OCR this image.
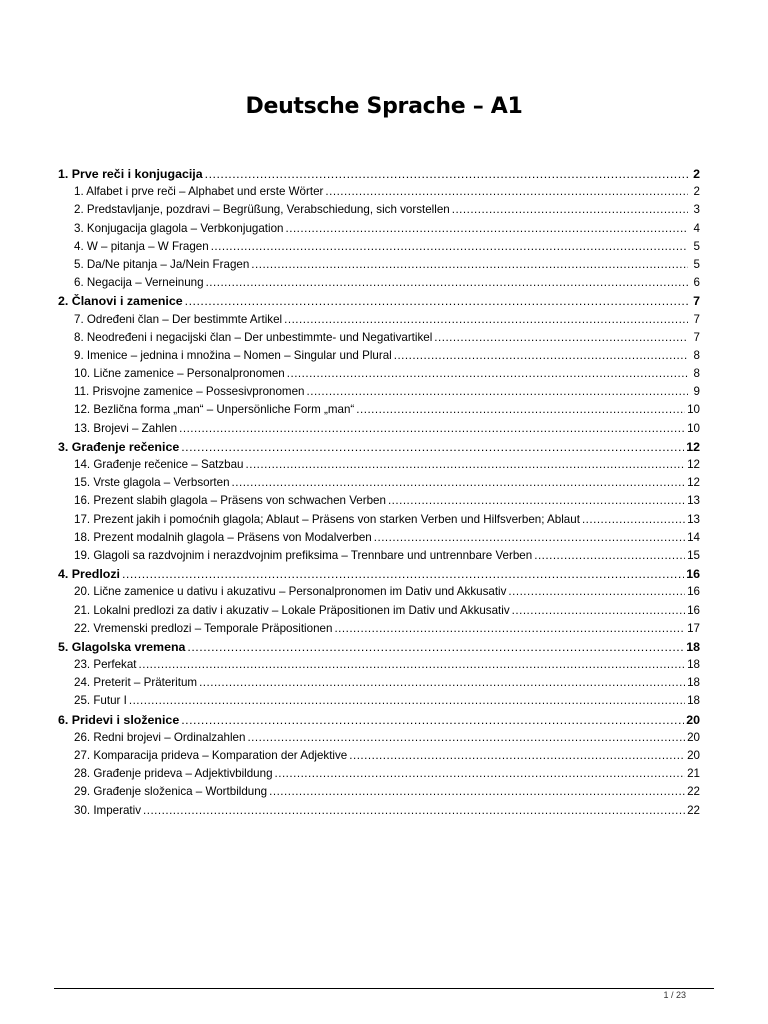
Deutsche Sprache – A1
1. Prve reči i konjugacija .....	2
1. Alfabet i prve reči – Alphabet und erste Wörter .....	2
2. Predstavljanje, pozdravi – Begrüßung, Verabschiedung, sich vorstellen .....	3
3. Konjugacija glagola – Verbkonjugation .....	4
4. W – pitanja – W Fragen .....	5
5. Da/Ne pitanja – Ja/Nein Fragen .....	5
6. Negacija – Verneinung .....	6
2. Članovi i zamenice .....	7
7. Određeni član – Der bestimmte Artikel .....	7
8. Neodređeni i negacijski član – Der unbestimmte- und Negativartikel .....	7
9. Imenice – jednina i množina – Nomen – Singular und Plural .....	8
10. Lične zamenice – Personalpronomen .....	8
11. Prisvojne zamenice – Possesivpronomen .....	9
12. Bezlična forma „man“ – Unpersönliche Form „man“ .....	10
13. Brojevi – Zahlen .....	10
3. Građenje rečenice .....	12
14. Građenje rečenice – Satzbau .....	12
15. Vrste glagola – Verbsorten .....	12
16. Prezent slabih glagola – Präsens von schwachen Verben .....	13
17. Prezent jakih i pomoćnih glagola; Ablaut – Präsens von starken Verben und Hilfsverben; Ablaut .....	13
18. Prezent modalnih glagola – Präsens von Modalverben .....	14
19. Glagoli sa razdvojnim i nerazdvojnim prefiksima – Trennbare und untrennbare Verben .....	15
4. Predlozi .....	16
20. Lične zamenice u dativu i akuzativu – Personalpronomen im Dativ und Akkusativ .....	16
21. Lokalni predlozi za dativ i akuzativ – Lokale Präpositionen im Dativ und Akkusativ .....	16
22. Vremenski predlozi – Temporale Präpositionen .....	17
5. Glagolska vremena .....	18
23. Perfekat .....	18
24. Preterit – Präteritum .....	18
25. Futur I .....	18
6. Pridevi i složenice .....	20
26. Redni brojevi – Ordinalzahlen .....	20
27. Komparacija prideva – Komparation der Adjektive .....	20
28. Građenje prideva – Adjektivbildung .....	21
29. Građenje složenica – Wortbildung .....	22
30. Imperativ .....	22
1 / 23
